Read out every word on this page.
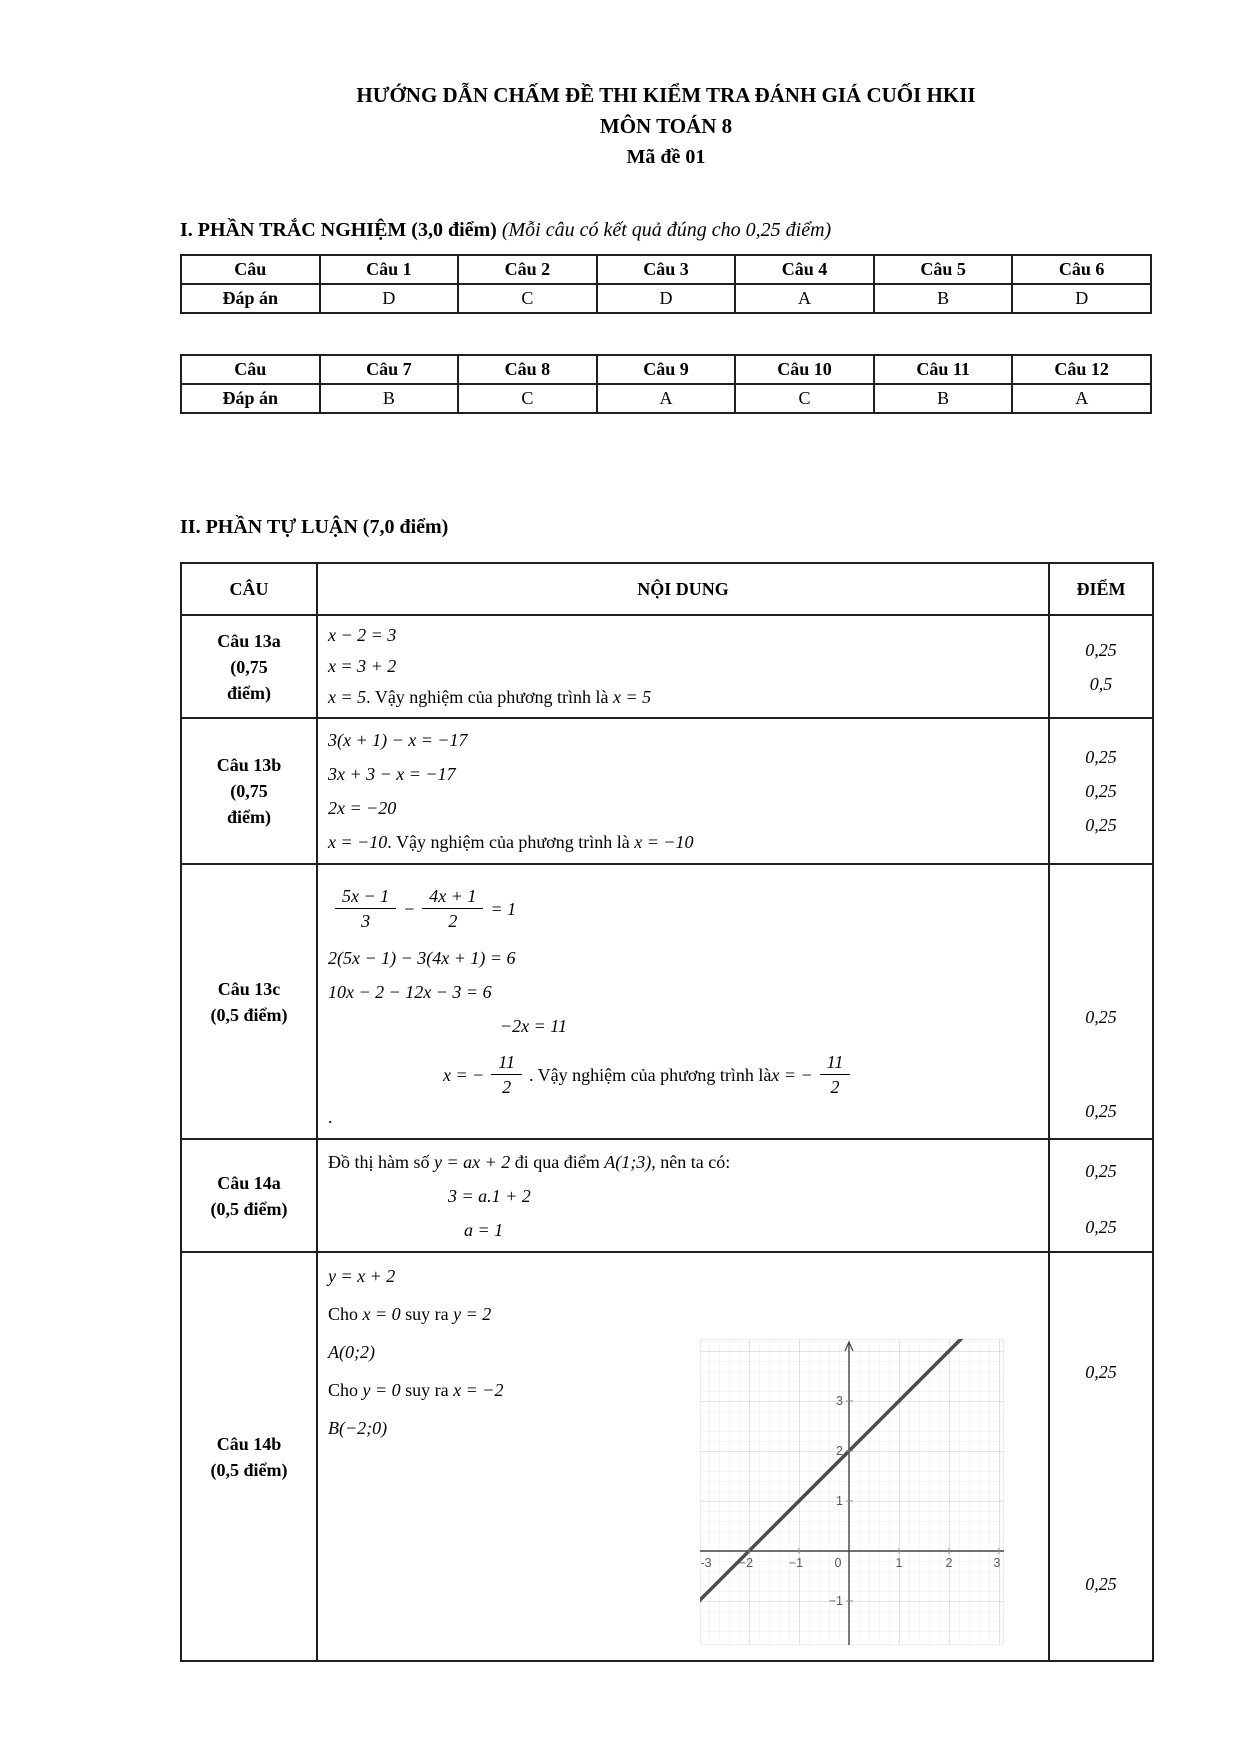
HƯỚNG DẪN CHẤM ĐỀ THI KIỂM TRA ĐÁNH GIÁ CUỐI HKII
MÔN TOÁN 8
Mã đề 01
I. PHẦN TRẮC NGHIỆM (3,0 điểm) (Mỗi câu có kết quả đúng cho 0,25 điểm)
Câu	Câu 1	Câu 2	Câu 3	Câu 4	Câu 5	Câu 6
Đáp án	D	C	D	A	B	D
Câu	Câu 7	Câu 8	Câu 9	Câu 10	Câu 11	Câu 12
Đáp án	B	C	A	C	B	A
II. PHẦN TỰ LUẬN (7,0 điểm)
CÂU	NỘI DUNG	ĐIỂM

Câu 13a
(0,75
điểm)

x − 2 = 3
x = 3 + 2
x = 5. Vậy nghiệm của phương trình là x = 5

0,25
0,5

Câu 13b
(0,75
điểm)

3(x + 1) − x = −17
3x + 3 − x = −17
2x = −20
x = −10. Vậy nghiệm của phương trình là x = −10

0,25
0,25
0,25

Câu 13c
(0,5 điểm)

$\frac{5x - 1}{3} - \frac{4x + 1}{2} = 1$
2(5x − 1) − 3(4x + 1) = 6
10x − 2 − 12x − 3 = 6
−2x = 11
x = − $\frac{11}{2}$ . Vậy nghiệm của phương trình là x = − $\frac{11}{2}$
.

0,25
0,25

Câu 14a
(0,5 điểm)

Đồ thị hàm số y = ax + 2 đi qua điểm A(1;3), nên ta có:
3 = a.1 + 2
a = 1

0,25
0,25

Câu 14b
(0,5 điểm)

y = x + 2
Cho x = 0 suy ra y = 2
A(0;2)
Cho y = 0 suy ra x = −2
B(−2;0)
-3 −2	−1	0	1	2	3
3
2
1
−1

0,25
0,25
